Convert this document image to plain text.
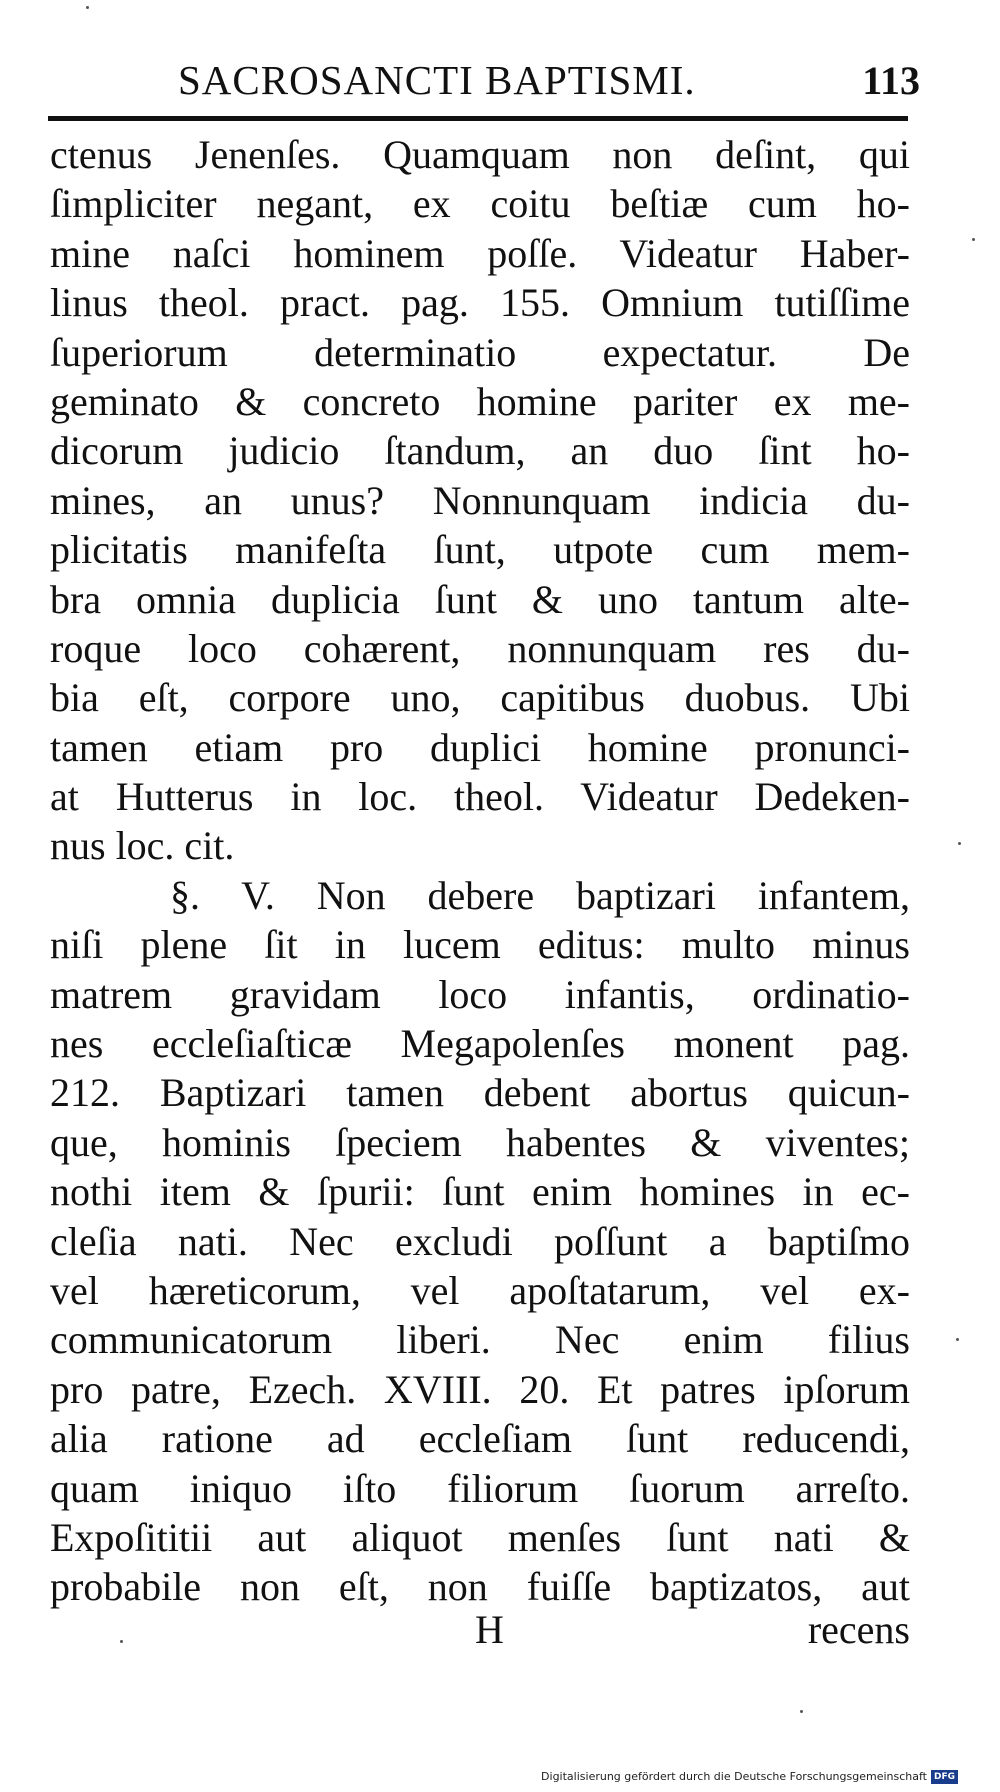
SACROSANCTI BAPTISMI.	113
ctenus Jenenſes. Quamquam non deſint, qui
ſimpliciter negant, ex coitu beſtiæ cum ho-
mine naſci hominem poſſe. Videatur Haber-
linus theol. pract. pag. 155. Omnium tutiſſime
ſuperiorum determinatio expectatur. De
geminato & concreto homine pariter ex me-
dicorum judicio ſtandum, an duo ſint ho-
mines, an unus? Nonnunquam indicia du-
plicitatis manifeſta ſunt, utpote cum mem-
bra omnia duplicia ſunt & uno tantum alte-
roque loco cohærent, nonnunquam res du-
bia eſt, corpore uno, capitibus duobus. Ubi
tamen etiam pro duplici homine pronunci-
at Hutterus in loc. theol. Videatur Dedeken-
nus loc. cit.
§. V. Non debere baptizari infantem,
niſi plene ſit in lucem editus: multo minus
matrem gravidam loco infantis, ordinatio-
nes eccleſiaſticæ Megapolenſes monent pag.
212. Baptizari tamen debent abortus quicun-
que, hominis ſpeciem habentes & viventes;
nothi item & ſpurii: ſunt enim homines in ec-
cleſia nati. Nec excludi poſſunt a baptiſmo
vel hæreticorum, vel apoſtatarum, vel ex-
communicatorum liberi. Nec enim filius
pro patre, Ezech. XVIII. 20. Et patres ipſorum
alia ratione ad eccleſiam ſunt reducendi,
quam iniquo iſto filiorum ſuorum arreſto.
Expoſititii aut aliquot menſes ſunt nati &
probabile non eſt, non fuiſſe baptizatos, aut
H	recens
Digitalisierung gefördert durch die Deutsche Forschungsgemeinschaft DFG
